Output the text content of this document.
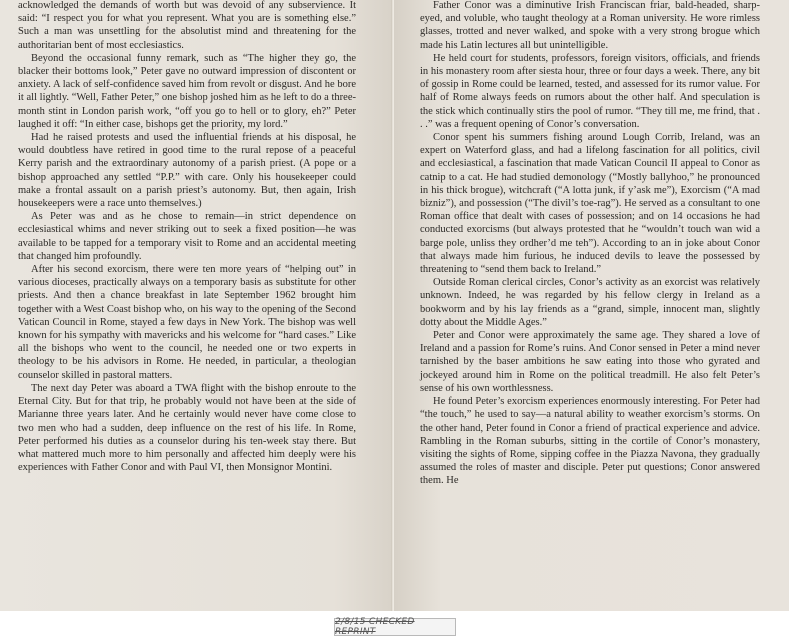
acknowledged the demands of worth but was devoid of any subservience. It said: “I respect you for what you represent. What you are is something else.” Such a man was unsettling for the absolutist mind and threatening for the authoritarian bent of most ecclesiastics.

Beyond the occasional funny remark, such as “The higher they go, the blacker their bottoms look,” Peter gave no outward impression of discontent or anxiety. A lack of self-confidence saved him from revolt or disgust. And he bore it all lightly. “Well, Father Peter,” one bishop joshed him as he left to do a three-month stint in London parish work, “off you go to hell or to glory, eh?” Peter laughed it off: “In either case, bishops get the priority, my lord.”

Had he raised protests and used the influential friends at his disposal, he would doubtless have retired in good time to the rural repose of a peaceful Kerry parish and the extraordinary autonomy of a parish priest. (A pope or a bishop approached any settled “P.P.” with care. Only his housekeeper could make a frontal assault on a parish priest’s autonomy. But, then again, Irish housekeepers were a race unto themselves.)

As Peter was and as he chose to remain—in strict dependence on ecclesiastical whims and never striking out to seek a fixed position—he was available to be tapped for a temporary visit to Rome and an accidental meeting that changed him profoundly.

After his second exorcism, there were ten more years of “helping out” in various dioceses, practically always on a temporary basis as substitute for other priests. And then a chance breakfast in late September 1962 brought him together with a West Coast bishop who, on his way to the opening of the Second Vatican Council in Rome, stayed a few days in New York. The bishop was well known for his sympathy with mavericks and his welcome for “hard cases.” Like all the bishops who went to the council, he needed one or two experts in theology to be his advisors in Rome. He needed, in particular, a theologian counselor skilled in pastoral matters.

The next day Peter was aboard a TWA flight with the bishop enroute to the Eternal City. But for that trip, he probably would not have been at the side of Marianne three years later. And he certainly would never have come close to two men who had a sudden, deep influence on the rest of his life. In Rome, Peter performed his duties as a counselor during his ten-week stay there. But what mattered much more to him personally and affected him deeply were his experiences with Father Conor and with Paul VI, then Monsignor Montini.

Father Conor was a diminutive Irish Franciscan friar, bald-headed, sharp-eyed, and voluble, who taught theology at a Roman university. He wore rimless glasses, trotted and never walked, and spoke with a very strong brogue which made his Latin lectures all but unintelligible.

He held court for students, professors, foreign visitors, officials, and friends in his monastery room after siesta hour, three or four days a week. There, any bit of gossip in Rome could be learned, tested, and assessed for its rumor value. For half of Rome always feeds on rumors about the other half. And speculation is the stick which continually stirs the pool of rumor. “They till me, me frind, that . . .” was a frequent opening of Conor’s conversation.

Conor spent his summers fishing around Lough Corrib, Ireland, was an expert on Waterford glass, and had a lifelong fascination for all politics, civil and ecclesiastical, a fascination that made Vatican Council II appeal to Conor as catnip to a cat. He had studied demonology (“Mostly ballyhoo,” he pronounced in his thick brogue), witchcraft (“A lotta junk, if y’ask me”), Exorcism (“A mad bizniz”), and possession (“The divil’s toe-rag”). He served as a consultant to one Roman office that dealt with cases of possession; and on 14 occasions he had conducted exorcisms (but always protested that he “wouldn’t touch wan wid a barge pole, unliss they ordher’d me teh”). According to an in joke about Conor that always made him furious, he induced devils to leave the possessed by threatening to “send them back to Ireland.”

Outside Roman clerical circles, Conor’s activity as an exorcist was relatively unknown. Indeed, he was regarded by his fellow clergy in Ireland as a bookworm and by his lay friends as a “grand, simple, innocent man, slightly dotty about the Middle Ages.”

Peter and Conor were approximately the same age. They shared a love of Ireland and a passion for Rome’s ruins. And Conor sensed in Peter a mind never tarnished by the baser ambitions he saw eating into those who gyrated and jockeyed around him in Rome on the political treadmill. He also felt Peter’s sense of his own worthlessness.

He found Peter’s exorcism experiences enormously interesting. For Peter had “the touch,” he used to say—a natural ability to weather exorcism’s storms. On the other hand, Peter found in Conor a friend of practical experience and advice. Rambling in the Roman suburbs, sitting in the cortile of Conor’s monastery, visiting the sights of Rome, sipping coffee in the Piazza Navona, they gradually assumed the roles of master and disciple. Peter put questions; Conor answered them. He

2/8/15 CHECKED REPRINT
